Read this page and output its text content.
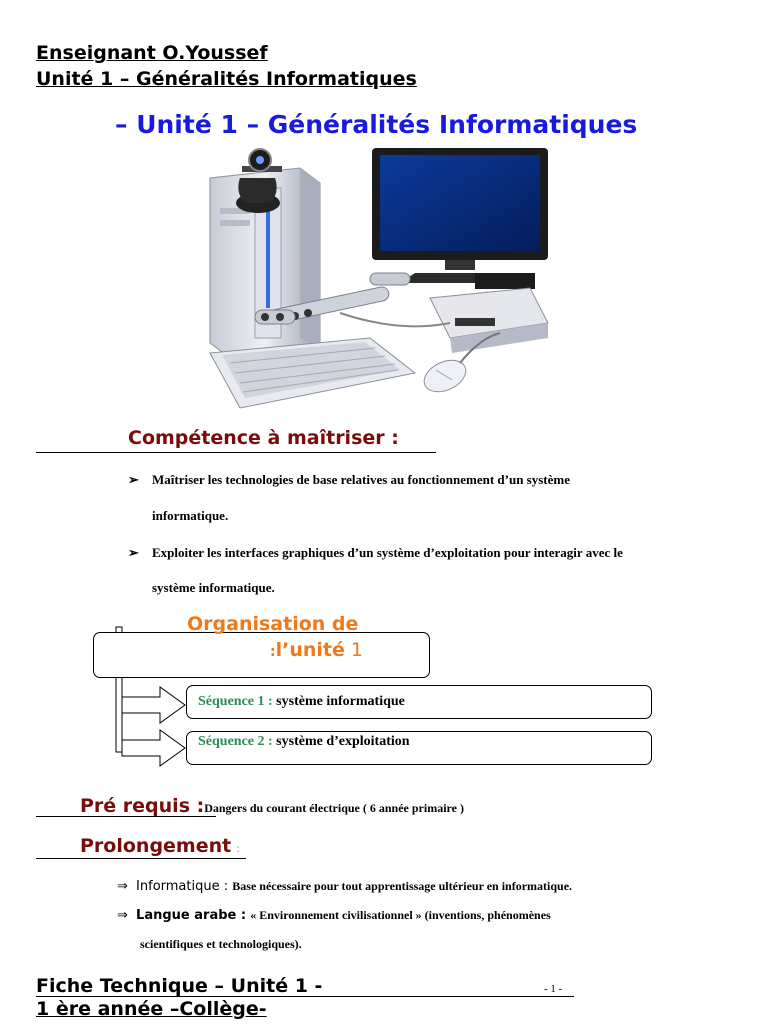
Enseignant O.Youssef
Unité 1 – Généralités Informatiques
– Unité 1 – Généralités Informatiques
Compétence à maîtriser :
➢ Maîtriser les technologies de base relatives au fonctionnement d’un système
informatique.
➢ Exploiter les interfaces graphiques d’un système d’exploitation pour interagir avec le
système informatique.
Organisation de
:l’unité 1
Séquence 1 : système informatique
Séquence 2 : système d’exploitation
Pré requis :Dangers du courant électrique ( 6 année primaire )
Prolongement :
⇒ Informatique : Base nécessaire pour tout apprentissage ultérieur en informatique.
⇒ Langue arabe : « Environnement civilisationnel » (inventions, phénomènes
scientifiques et technologiques).
Fiche Technique – Unité 1 -	- 1 -
1 ère année –Collège-
